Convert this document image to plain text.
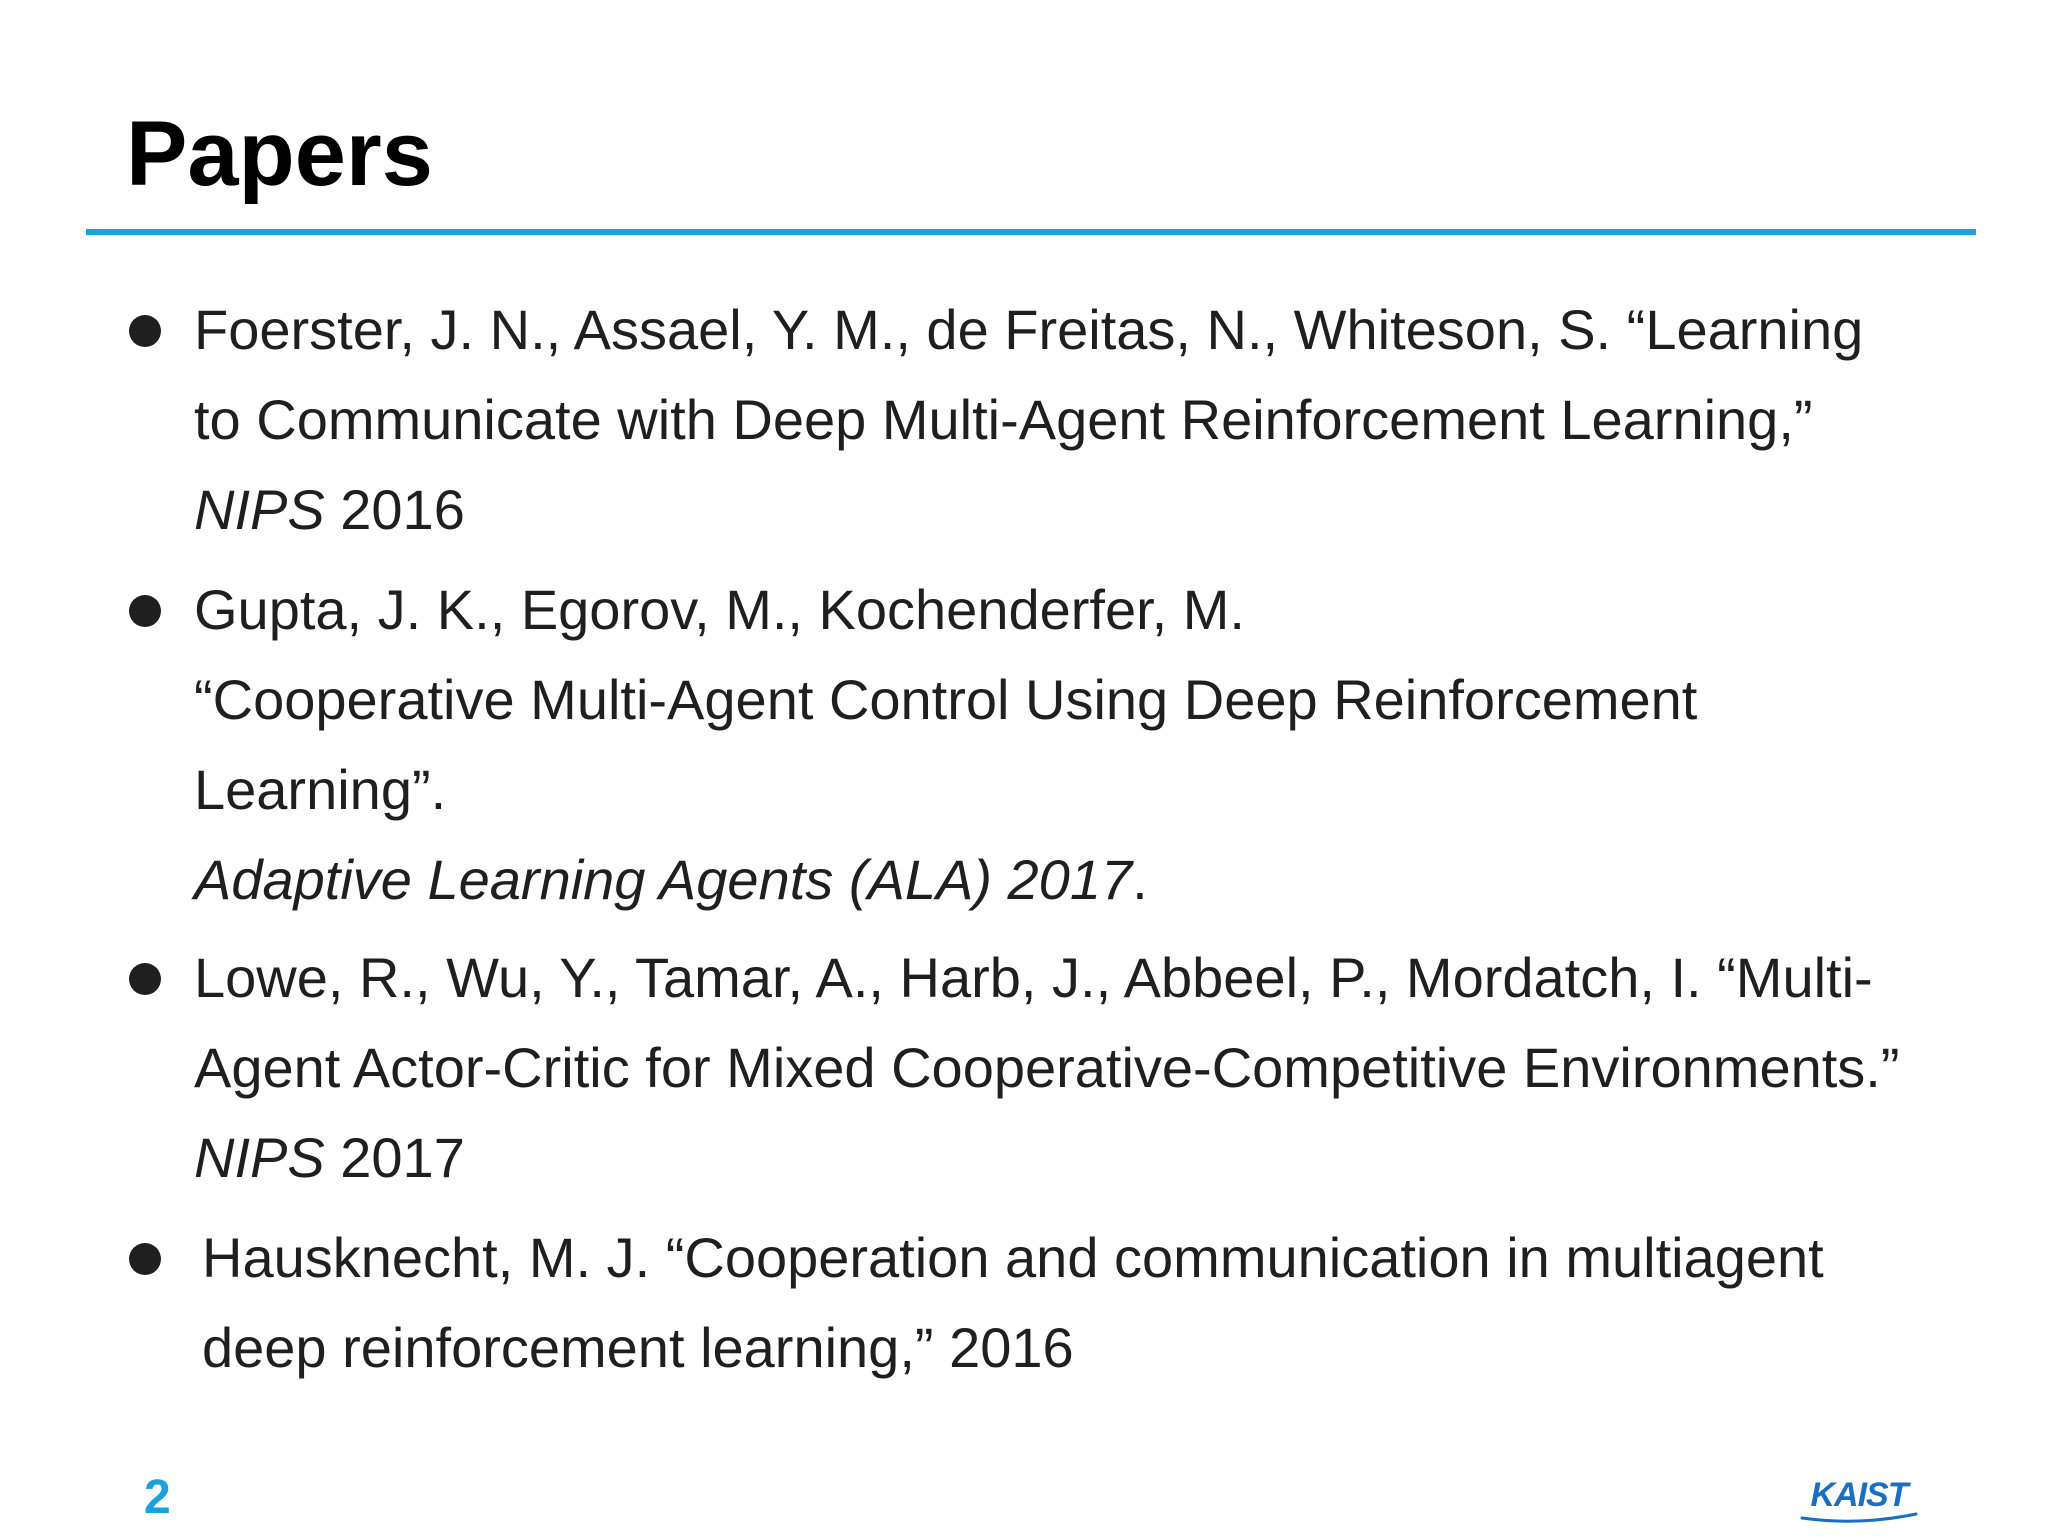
Papers
Foerster, J. N., Assael, Y. M., de Freitas, N., Whiteson, S. “Learning
to Communicate with Deep Multi-Agent Reinforcement Learning,”
NIPS 2016
Gupta, J. K., Egorov, M., Kochenderfer, M.
“Cooperative Multi-Agent Control Using Deep Reinforcement
Learning”.
Adaptive Learning Agents (ALA) 2017.
Lowe, R., Wu, Y., Tamar, A., Harb, J., Abbeel, P., Mordatch, I. “Multi-
Agent Actor-Critic for Mixed Cooperative-Competitive Environments.”
NIPS 2017
Hausknecht, M. J. “Cooperation and communication in multiagent
deep reinforcement learning,” 2016
2	KAIST
